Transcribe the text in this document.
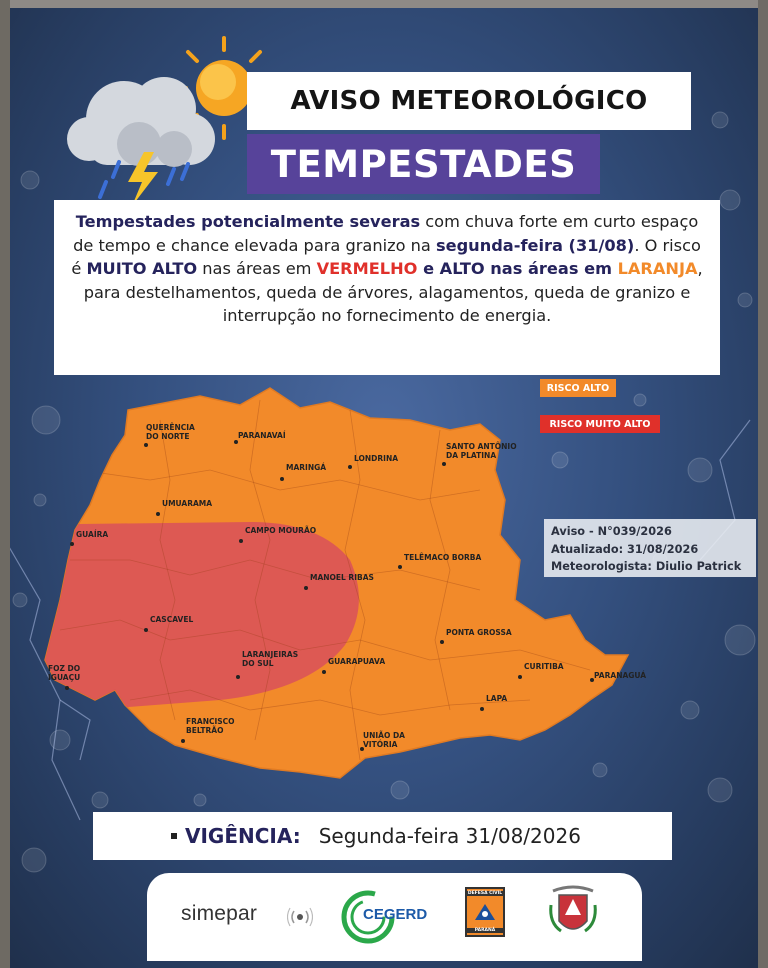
AVISO METEOROLÓGICO
TEMPESTADES
Tempestades potencialmente severas com chuva forte em curto espaço de tempo e chance elevada para granizo na segunda-feira (31/08). O risco é MUITO ALTO nas áreas em VERMELHO e ALTO nas áreas em LARANJA, para destelhamentos, queda de árvores, alagamentos, queda de granizo e interrupção no fornecimento de energia.
RISCO ALTO
RISCO MUITO ALTO
QUERÊNCIA
DO NORTE	PARANAVAÍ
MARINGÁ
LONDRINA
SANTO ANTÔNIO
DA PLATINA
UMUARAMA
GUAÍRA	CAMPO MOURÃO
TELÊMACO BORBA
MANOEL RIBAS
CASCAVEL
PONTA GROSSA
LARANJEIRAS
DO SUL	GUARAPUAVA
CURITIBA
PARANAGUÁ
FOZ DO
IGUAÇU
LAPA
FRANCISCO
BELTRÃO
UNIÃO DA
VITÓRIA
Aviso - N°039/2026
Atualizado: 31/08/2026
Meteorologista: Diulio Patrick
VIGÊNCIA: Segunda-feira 31/08/2026
simepar	CEGERD
DEFESA CIVIL
PARANÁ
